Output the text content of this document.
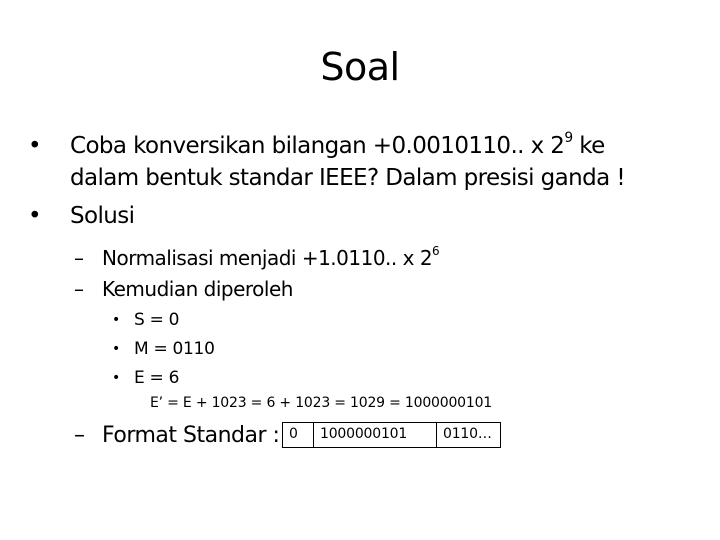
Soal
•	Coba konversikan bilangan +0.0010110.. x $2^9$ ke
dalam bentuk standar IEEE? Dalam presisi ganda !
•	Solusi
– Normalisasi menjadi +1.0110.. x $2^6$
– Kemudian diperoleh
• S = 0
• M = 0110
• E = 6
E’ = E + 1023 = 6 + 1023 = 1029 = 1000000101
– Format Standar : 0	1000000101	0110…
